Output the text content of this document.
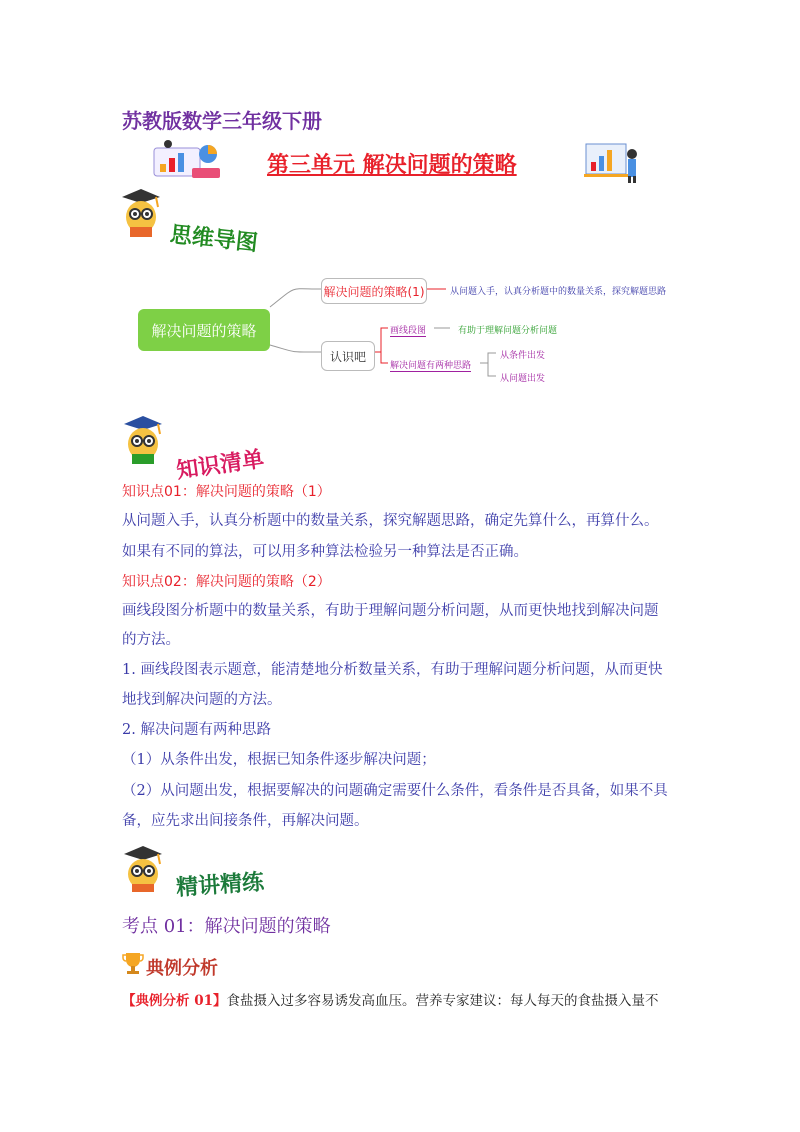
苏教版数学三年级下册
第三单元 解决问题的策略
思维导图
解决问题的策略
解决问题的策略(1)	从问题入手，认真分析题中的数量关系，探究解题思路
认识吧
画线段图	有助于理解问题分析问题
解决问题有两种思路
从条件出发
从问题出发
知识清单
知识点01：解决问题的策略（1）
从问题入手，认真分析题中的数量关系，探究解题思路，确定先算什么，再算什么。
如果有不同的算法，可以用多种算法检验另一种算法是否正确。
知识点02：解决问题的策略（2）
画线段图分析题中的数量关系，有助于理解问题分析问题，从而更快地找到解决问题
的方法。
1. 画线段图表示题意，能清楚地分析数量关系，有助于理解问题分析问题，从而更快
地找到解决问题的方法。
2. 解决问题有两种思路
（1）从条件出发，根据已知条件逐步解决问题；
（2）从问题出发，根据要解决的问题确定需要什么条件，看条件是否具备，如果不具
备，应先求出间接条件，再解决问题。
精讲精练
考点 01：解决问题的策略
典例分析
【典例分析 01】食盐摄入过多容易诱发高血压。营养专家建议：每人每天的食盐摄入量不
